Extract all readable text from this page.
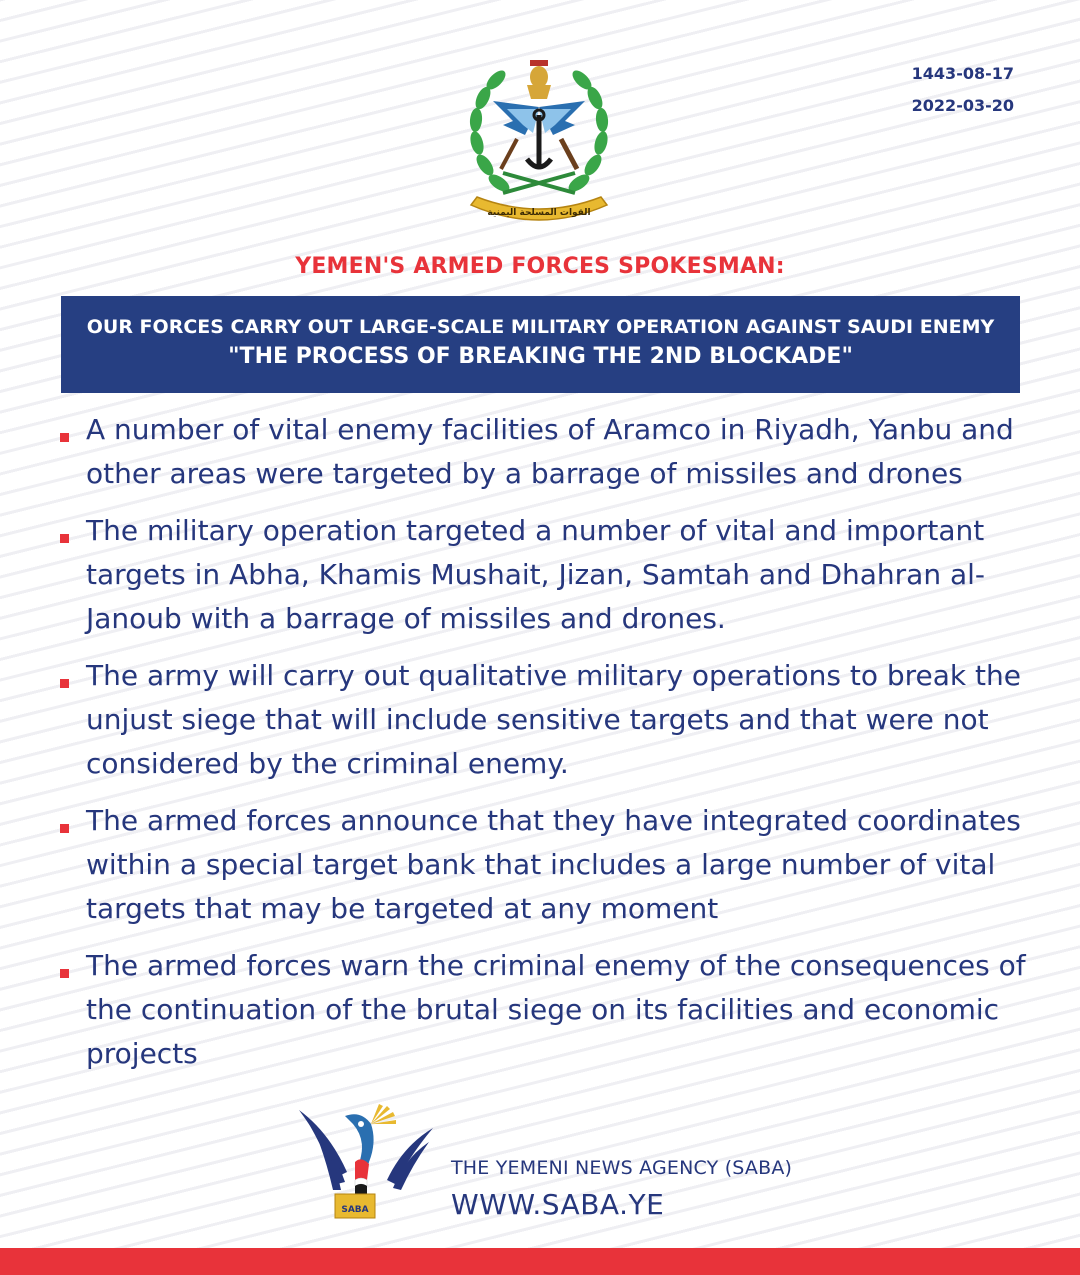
1443-08-17
2022-03-20
القوات المسلحة اليمنية
YEMEN'S ARMED FORCES SPOKESMAN:
OUR FORCES CARRY OUT LARGE-SCALE MILITARY OPERATION AGAINST SAUDI ENEMY
"THE PROCESS OF BREAKING THE 2ND BLOCKADE"
A number of vital enemy facilities of Aramco in Riyadh, Yanbu and other areas were targeted by a barrage of missiles and drones
The military operation targeted a number of vital and important targets in Abha, Khamis Mushait, Jizan, Samtah and Dhahran al-Janoub with a barrage of missiles and drones.
The army will carry out qualitative military operations to break the unjust siege that will include sensitive targets and that were not considered by the criminal enemy.
The armed forces announce that they have integrated coordinates within a special target bank that includes a large number of vital targets that may be targeted at any moment
The armed forces warn the criminal enemy of the consequences of the continuation of the brutal siege on its facilities and economic projects
SABA
THE YEMENI NEWS AGENCY (SABA)
WWW.SABA.YE
